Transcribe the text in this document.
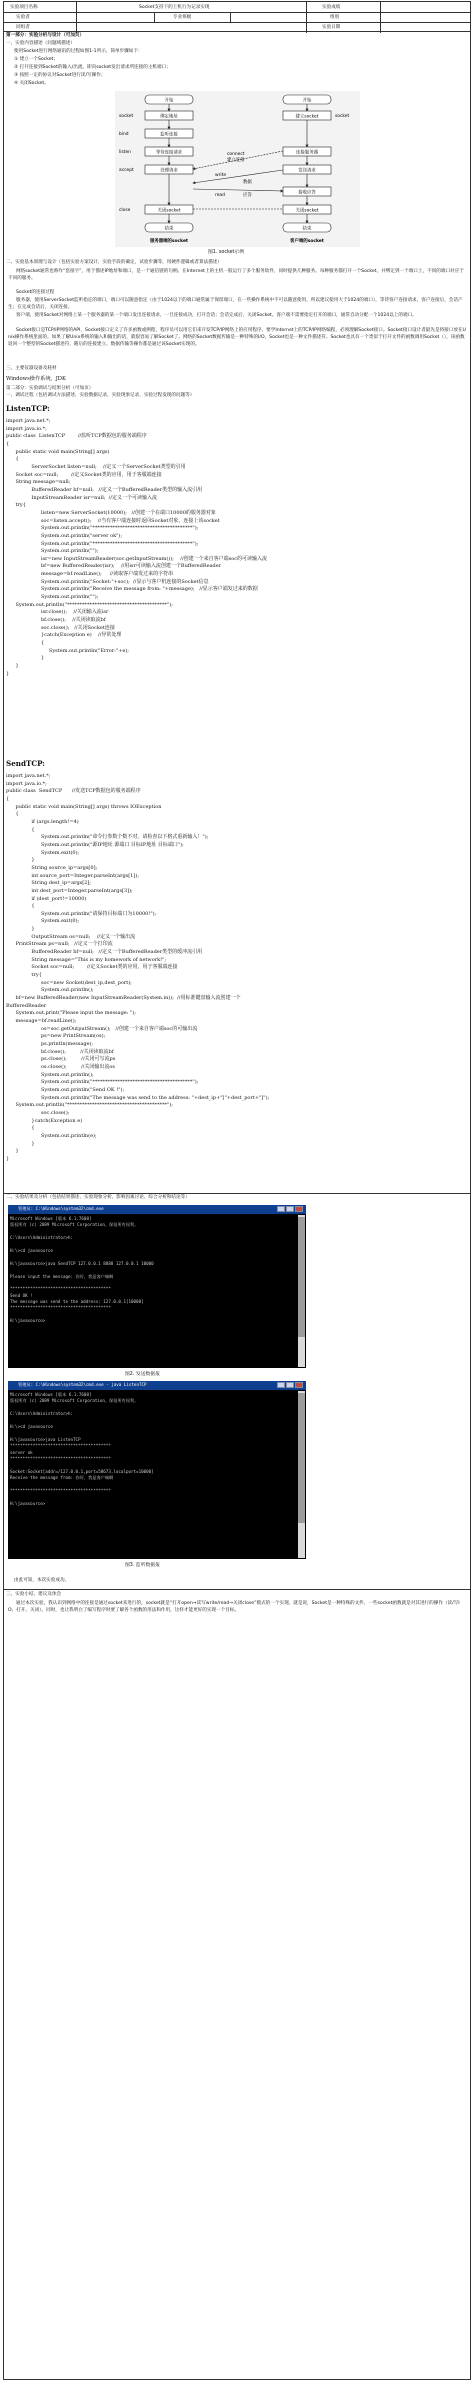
实验项目名称	Socket支持下的上机行为记录实现	实验成绩
实验者	专业班级	组别
同组者	实验日期
第一部分：实验分析与设计（可加页）
一、实验内容描述（问题域描述）
使用Socket进行网络通讯的过程如图1-1所示，简单步骤如下：
① 建立一个Socket；
② 打开连接到Socket的输入/出流，即向socket发出请求所连接的主机端口；
③ 按照一定的协议对Socket进行读/写操作；
④ 关闭Socket。
开始
socket	绑定地址
bind	监听连接
listen	等待连接请求
accept	处理请求
close	关闭socket
结束
开始
socket
建立socket
连接服务器
发送请求
接收应答
关闭socket
结束
connect
建立连接
write
数据
read	应答
服务器端的socket	客户端的socket
图1. socket示例
二、实验基本原理与设计（包括实验方案设计，实验手段的确定，试验步骤等，用硬件逻辑或者算法描述）
网络socket通常也称作“套接字”，用于描述IP地址和端口，是一个通信链的句柄。在Internet上的主机一般运行了多个服务软件，同时提供几种服务。每种服务都打开一个Socket，并绑定到一个端口上，不同的端口对应于不同的服务。
Socket的连接过程
服务器，使用ServerSocket监听指定的端口，端口可以随意指定（由于1024以下的端口通常属于保留端口，在一些操作系统中不可以随意使用，所以建议使用大于1024的端口），等待客户连接请求，客户连接后，会话产生；在完成会话后，关闭连接。
客户端，使用Socket对网络上某一个服务器的某一个端口发出连接请求，一旦连接成功，打开会话；会话完成后，关闭Socket。客户端不需要指定打开的端口，通常自动分配一个1024以上的端口。
Socket接口是TCP/IP网络的API，Socket接口定义了许多函数或例程，程序员可以用它们来开发TCP/IP网络上的应用程序。要学Internet上的TCP/IP网络编程，必须理解Socket接口。Socket接口设计者最先是将接口放在Unix操作系统里面的。如果了解Unix系统的输入和输出的话，就很容易了解Socket了。网络的Socket数据传输是一种特殊的I/O，Socket也是一种文件描述符。Socket也具有一个类似于打开文件的函数调用Socket（），该函数返回一个整型的Socket描述符，随后的连接建立、数据传输等操作都是通过该Socket实现的。
三、主要仪器设备及耗材
Windows操作系统，JDK
第二部分：实验调试与结果分析（可加页）
一、调试过程（包括调试方法描述、实验数据记录，实验现象记录，实验过程发现的问题等）
ListenTCP:
import java.net.*;
import java.io.*;
public class  ListenTCP        //监听TCP数据包的服务端程序
{
public static void main(String[] args)
{
ServerSocket listen=null;    //定义一个ServerSocket类型的引用
Socket soc=null;        //定义Socket类的应用，用于客服端连接
String message=null;
BufferedReader bf=null;   //定义一个BufferedReader类型的输入流引用
InputStreamReader isr=null;  //定义一个可读输入流
try{
listen=new ServerSocket(10000);   //创建一个在端口10000的服务器对象
soc=listen.accept();    //当有客户端连接时返回Socket对象，连接上该socket
System.out.println("****************************************");
System.out.println("server ok");
System.out.println("****************************************");
System.out.println("");
isr=new InputStreamReader(soc.getInputStream());    //创建一个来自客户端soc的可读输入流
bf=new BufferedReader(isr);    //用isr可读输入流创建一个BufferedReader
message=bf.readLine();     //读取客户端发过来的字符串
System.out.println("Socket:"+soc);  //显示与客户机连接的Socket信息
System.out.println("Receive the message from: "+message);   //显示客户端发过来的数据
System.out.println("");
System.out.println("****************************************");
isr.close();    //关闭输入流isr
bf.close();    //关闭读取流bf
soc.close();   //关闭Socket连接
}catch(Exception e)    //异常处理
{
System.out.println("Error:"+e);
}
}
}
SendTCP:
import java.net.*;
import java.io.*;
public class  SendTCP      //发送TCP数据包的服务端程序
{
public static void main(String[] args) throws IOException
{
if (args.length!=4)
{
System.out.println("命令行参数个数不对，请检查以下格式重新输入！");
System.out.println("源IP地址 源端口 目标IP地址 目标端口");
System.exit(0);
}
String source_ip=args[0];
int source_port=Integer.parseInt(args[1]);
String dest_ip=args[2];
int dest_port=Integer.parseInt(args[3]);
if (dest_port!=10000)
{
System.out.println("请保持目标端口为10000!");
System.exit(0);
}
OutputStream os=null;    //定义一个输出流
PrintStream ps=null;   //定义一个打印流
BufferedReader bf=null;   //定义一个BufferedReader类型的缓冲流引用
String message="This is my homework of network!";
Socket soc=null;        //定义Socket类的应用，用于客服端连接
try{
soc=new Socket(dest_ip,dest_port);
System.out.println();
bf=new BufferedReader(new InputStreamReader(System.in));  //用标准键盘输入流创建一个
BufferedReader
System.out.print("Please input the message: ");
message=bf.readLine();
os=soc.getOutputStream();   //创建一个来自客户端soc的可输出流
ps=new PrintStream(os);
ps.println(message);
bf.close();         //关闭读取流bf
ps.close();         //关闭可写流ps
os.close();         //关闭输出流os
System.out.println();
System.out.println("****************************************");
System.out.println("Send OK !");
System.out.println("The message was send to the address: "+dest_ip+"["+dest_port+"]");
System.out.println("****************************************");
soc.close();
}catch(Exception e)
{
System.out.println(e);
}
}
}
二、实验结果及分析（包括结果描述、实验现象分析、影响因素讨论、综合分析和结论等）

管理员: C:\Windows\system32\cmd.exe

Microsoft Windows [版本 6.1.7600]
版权所有 (c) 2009 Microsoft Corporation。保留所有权利。
C:\Users\Administrator>h:
H:\>cd javasource
H:\javasource>java SendTCP 127.0.0.1 8888 127.0.0.1 10000
Please input the message: 你好，我是客户端啊
****************************************
Send OK !
The message was send to the address: 127.0.0.1[10000]
****************************************
H:\javasource>

图2. 发送数据报

管理员: C:\Windows\system32\cmd.exe - java ListenTCP

Microsoft Windows [版本 6.1.7600]
版权所有 (c) 2009 Microsoft Corporation。保留所有权利。
C:\Users\Administrator>h:
H:\>cd javasource
H:\javasource>java ListenTCP
****************************************
server ok
****************************************
Socket:Socket[addr=/127.0.0.1,port=58673,localport=10000]
Receive the message from: 你好，我是客户端啊
****************************************
H:\javasource>

图3. 监听数据报
由此可知，本次实验成功。
三、实验小结、建议及体会
通过本次实验，我认识到网络中的连接是通过socket来进行的，socket就是“打开open→读写write/read→关闭close”模式的一个实现。就是说，Socket是一种特殊的文件，一些socket函数就是对其进行的操作（读/写IO、打开、关闭）。同时，也让我明白了编写程序时要了解各个函数的用法和作用，这样才能更好的实现一个目标。
